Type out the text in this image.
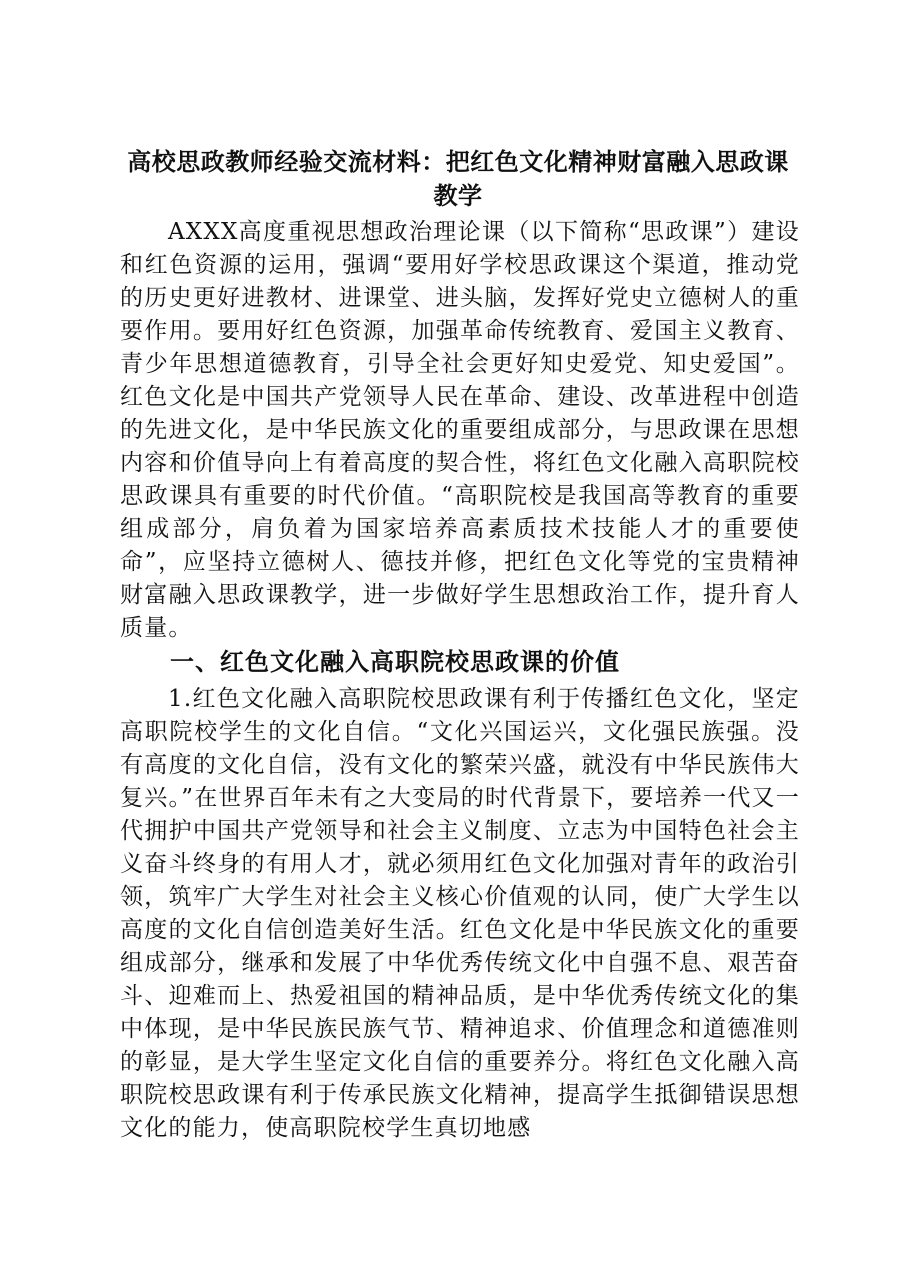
高校思政教师经验交流材料：把红色文化精神财富融入思政课教学
AXXX高度重视思想政治理论课（以下简称“思政课”）建设和红色资源的运用，强调“要用好学校思政课这个渠道，推动党的历史更好进教材、进课堂、进头脑，发挥好党史立德树人的重要作用。要用好红色资源，加强革命传统教育、爱国主义教育、青少年思想道德教育，引导全社会更好知史爱党、知史爱国”。红色文化是中国共产党领导人民在革命、建设、改革进程中创造的先进文化，是中华民族文化的重要组成部分，与思政课在思想内容和价值导向上有着高度的契合性，将红色文化融入高职院校思政课具有重要的时代价值。“高职院校是我国高等教育的重要组成部分，肩负着为国家培养高素质技术技能人才的重要使命”，应坚持立德树人、德技并修，把红色文化等党的宝贵精神财富融入思政课教学，进一步做好学生思想政治工作，提升育人质量。
一、红色文化融入高职院校思政课的价值
1.红色文化融入高职院校思政课有利于传播红色文化，坚定高职院校学生的文化自信。“文化兴国运兴，文化强民族强。没有高度的文化自信，没有文化的繁荣兴盛，就没有中华民族伟大复兴。”在世界百年未有之大变局的时代背景下，要培养一代又一代拥护中国共产党领导和社会主义制度、立志为中国特色社会主义奋斗终身的有用人才，就必须用红色文化加强对青年的政治引领，筑牢广大学生对社会主义核心价值观的认同，使广大学生以高度的文化自信创造美好生活。红色文化是中华民族文化的重要组成部分，继承和发展了中华优秀传统文化中自强不息、艰苦奋斗、迎难而上、热爱祖国的精神品质，是中华优秀传统文化的集中体现，是中华民族民族气节、精神追求、价值理念和道德准则的彰显，是大学生坚定文化自信的重要养分。将红色文化融入高职院校思政课有利于传承民族文化精神，提高学生抵御错误思想文化的能力，使高职院校学生真切地感
